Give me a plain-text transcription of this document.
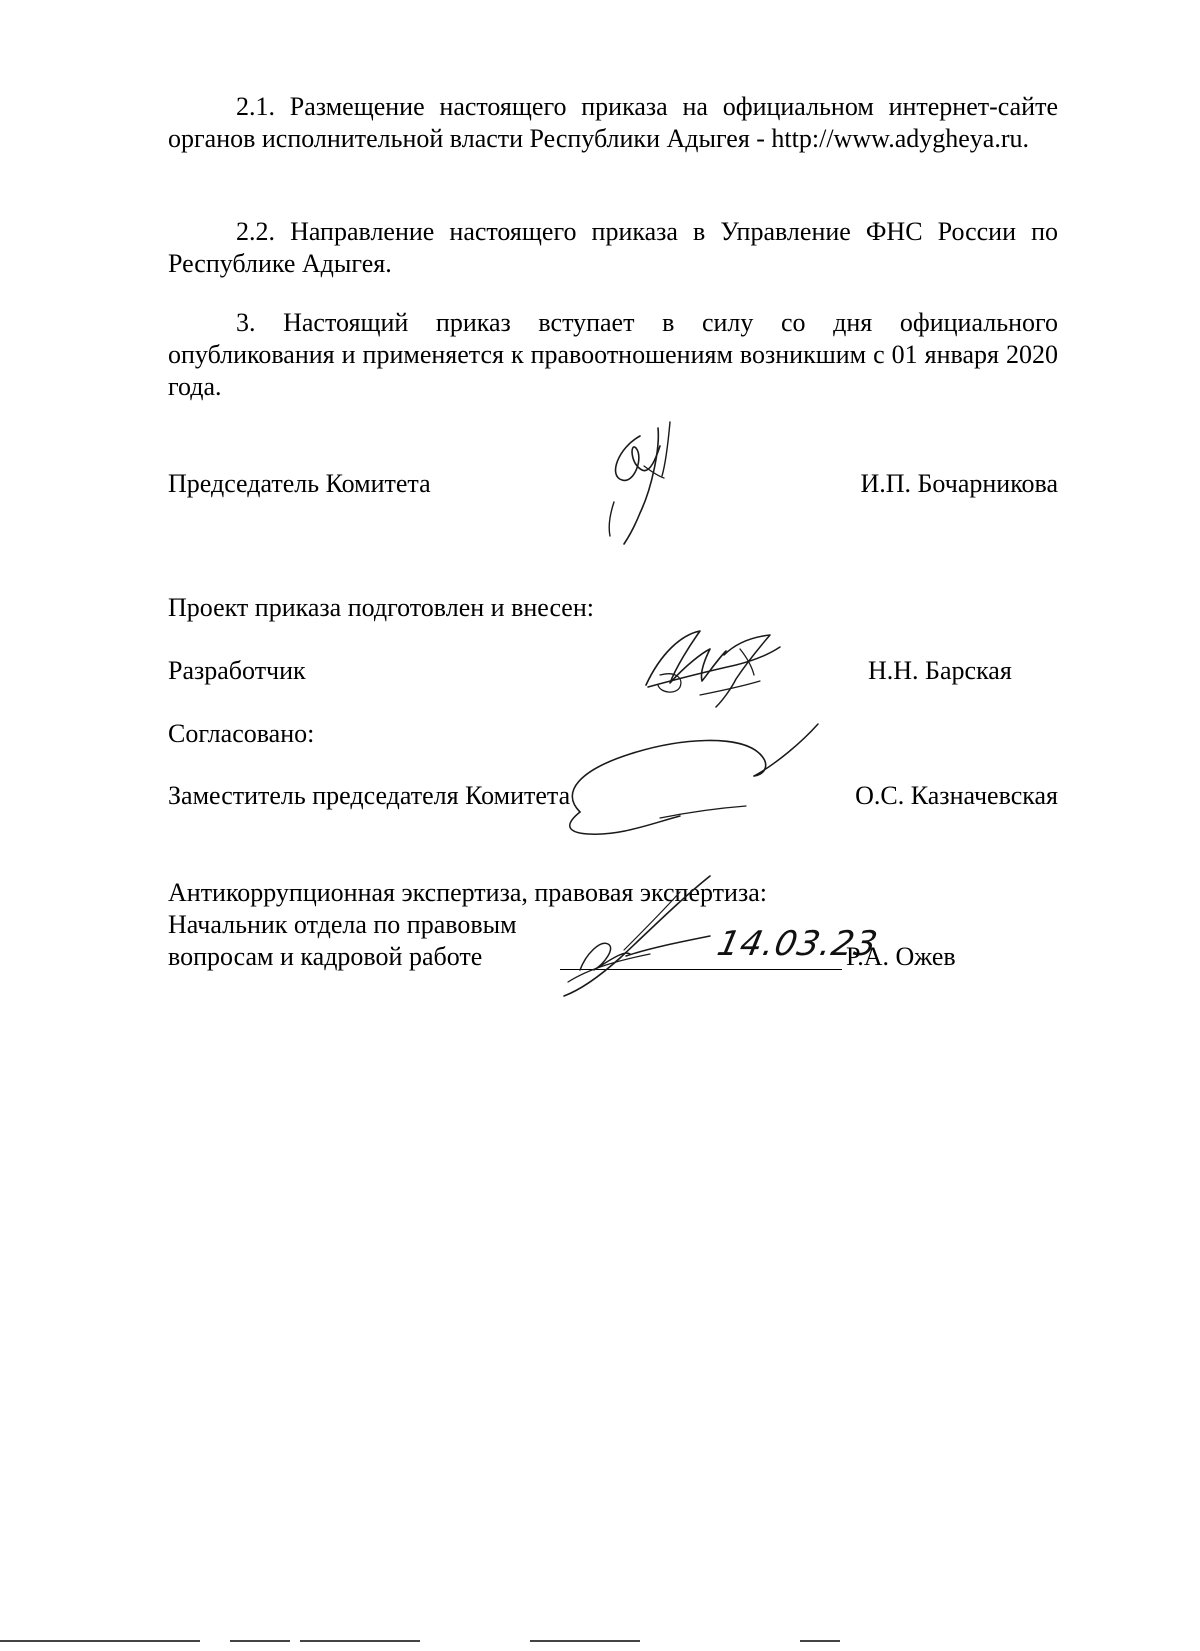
2.1. Размещение настоящего приказа на официальном интернет-сайте органов исполнительной власти Республики Адыгея - http://www.adygheya.ru.

2.2. Направление настоящего приказа в Управление ФНС России по Республике Адыгея.

3. Настоящий приказ вступает в силу со дня официального опубликования и применяется к правоотношениям возникшим с 01 января 2020 года.

Председатель Комитета	И.П. Бочарникова
Проект приказа подготовлен и внесен:
Разработчик	Н.Н. Барская
Согласовано:
Заместитель председателя Комитета	О.С. Казначевская
Антикоррупционная экспертиза, правовая экспертиза:
Начальник отдела по правовым
вопросам и кадровой работе	14.03.23
Р.А. Ожев
